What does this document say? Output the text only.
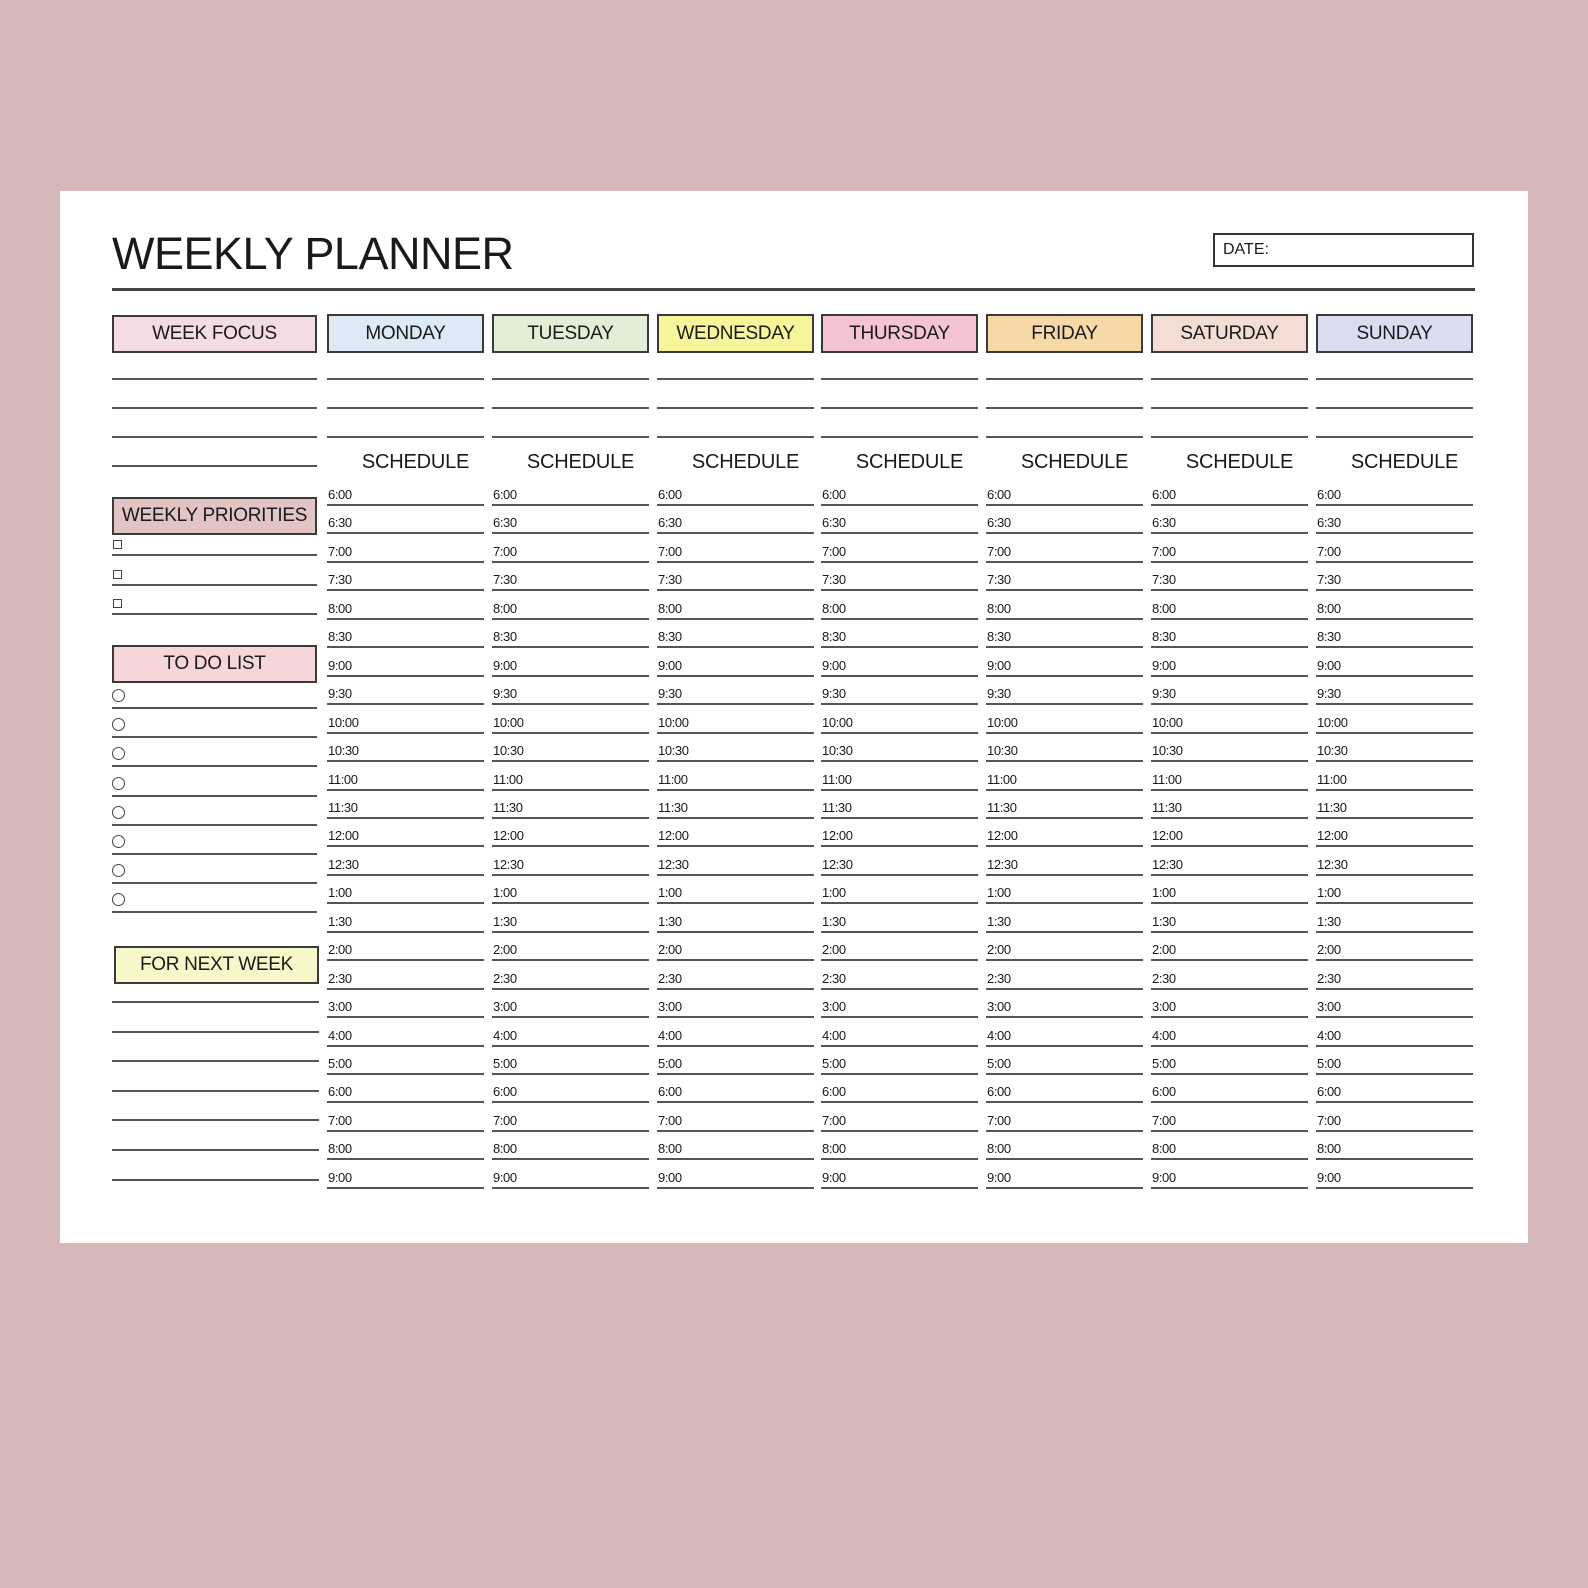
WEEKLY PLANNER	DATE:
WEEK FOCUS
WEEKLY PRIORITIES
TO DO LIST
FOR NEXT WEEK
MONDAY
SCHEDULE
6:00
6:30
7:00
7:30
8:00
8:30
9:00
9:30
10:00
10:30
11:00
11:30
12:00
12:30
1:00
1:30
2:00
2:30
3:00
4:00
5:00
6:00
7:00
8:00
9:00
TUESDAY
SCHEDULE
6:00
6:30
7:00
7:30
8:00
8:30
9:00
9:30
10:00
10:30
11:00
11:30
12:00
12:30
1:00
1:30
2:00
2:30
3:00
4:00
5:00
6:00
7:00
8:00
9:00
WEDNESDAY
SCHEDULE
6:00
6:30
7:00
7:30
8:00
8:30
9:00
9:30
10:00
10:30
11:00
11:30
12:00
12:30
1:00
1:30
2:00
2:30
3:00
4:00
5:00
6:00
7:00
8:00
9:00
THURSDAY
SCHEDULE
6:00
6:30
7:00
7:30
8:00
8:30
9:00
9:30
10:00
10:30
11:00
11:30
12:00
12:30
1:00
1:30
2:00
2:30
3:00
4:00
5:00
6:00
7:00
8:00
9:00
FRIDAY
SCHEDULE
6:00
6:30
7:00
7:30
8:00
8:30
9:00
9:30
10:00
10:30
11:00
11:30
12:00
12:30
1:00
1:30
2:00
2:30
3:00
4:00
5:00
6:00
7:00
8:00
9:00
SATURDAY
SCHEDULE
6:00
6:30
7:00
7:30
8:00
8:30
9:00
9:30
10:00
10:30
11:00
11:30
12:00
12:30
1:00
1:30
2:00
2:30
3:00
4:00
5:00
6:00
7:00
8:00
9:00
SUNDAY
SCHEDULE
6:00
6:30
7:00
7:30
8:00
8:30
9:00
9:30
10:00
10:30
11:00
11:30
12:00
12:30
1:00
1:30
2:00
2:30
3:00
4:00
5:00
6:00
7:00
8:00
9:00
